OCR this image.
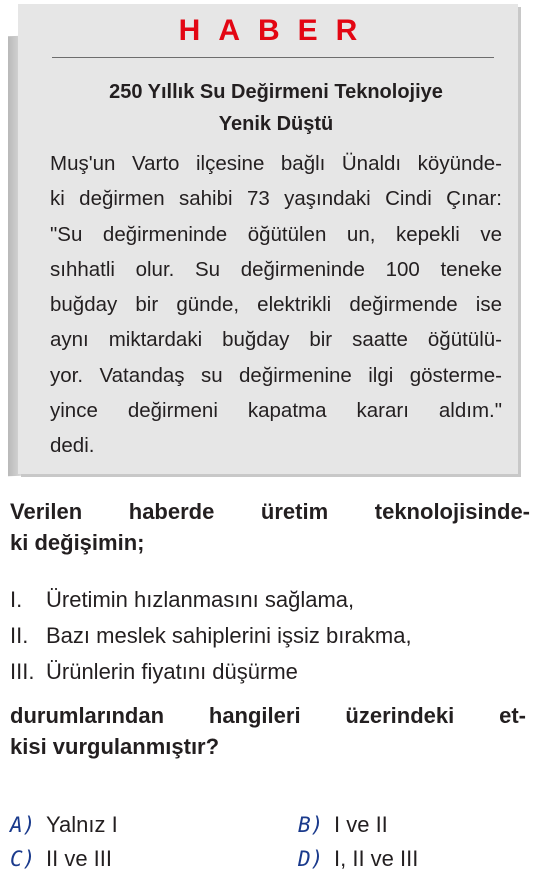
HABER
250 Yıllık Su Değirmeni Teknolojiye
Yenik Düştü
Muş'un Varto ilçesine bağlı Ünaldı köyünde-
ki değirmen sahibi 73 yaşındaki Cindi Çınar:
"Su değirmeninde öğütülen un, kepekli ve
sıhhatli olur. Su değirmeninde 100 teneke
buğday bir günde, elektrikli değirmende ise
aynı miktardaki buğday bir saatte öğütülü-
yor. Vatandaş su değirmenine ilgi gösterme-
yince değirmeni kapatma kararı aldım."
dedi.
Verilen haberde üretim teknolojisinde-
ki değişimin;
I.	Üretimin hızlanmasını sağlama,
II. Bazı meslek sahiplerini işsiz bırakma,
III. Ürünlerin fiyatını düşürme
durumlarından hangileri üzerindeki et-
kisi vurgulanmıştır?
A) Yalnız I	B) I ve II
C) II ve III	D) I, II ve III
